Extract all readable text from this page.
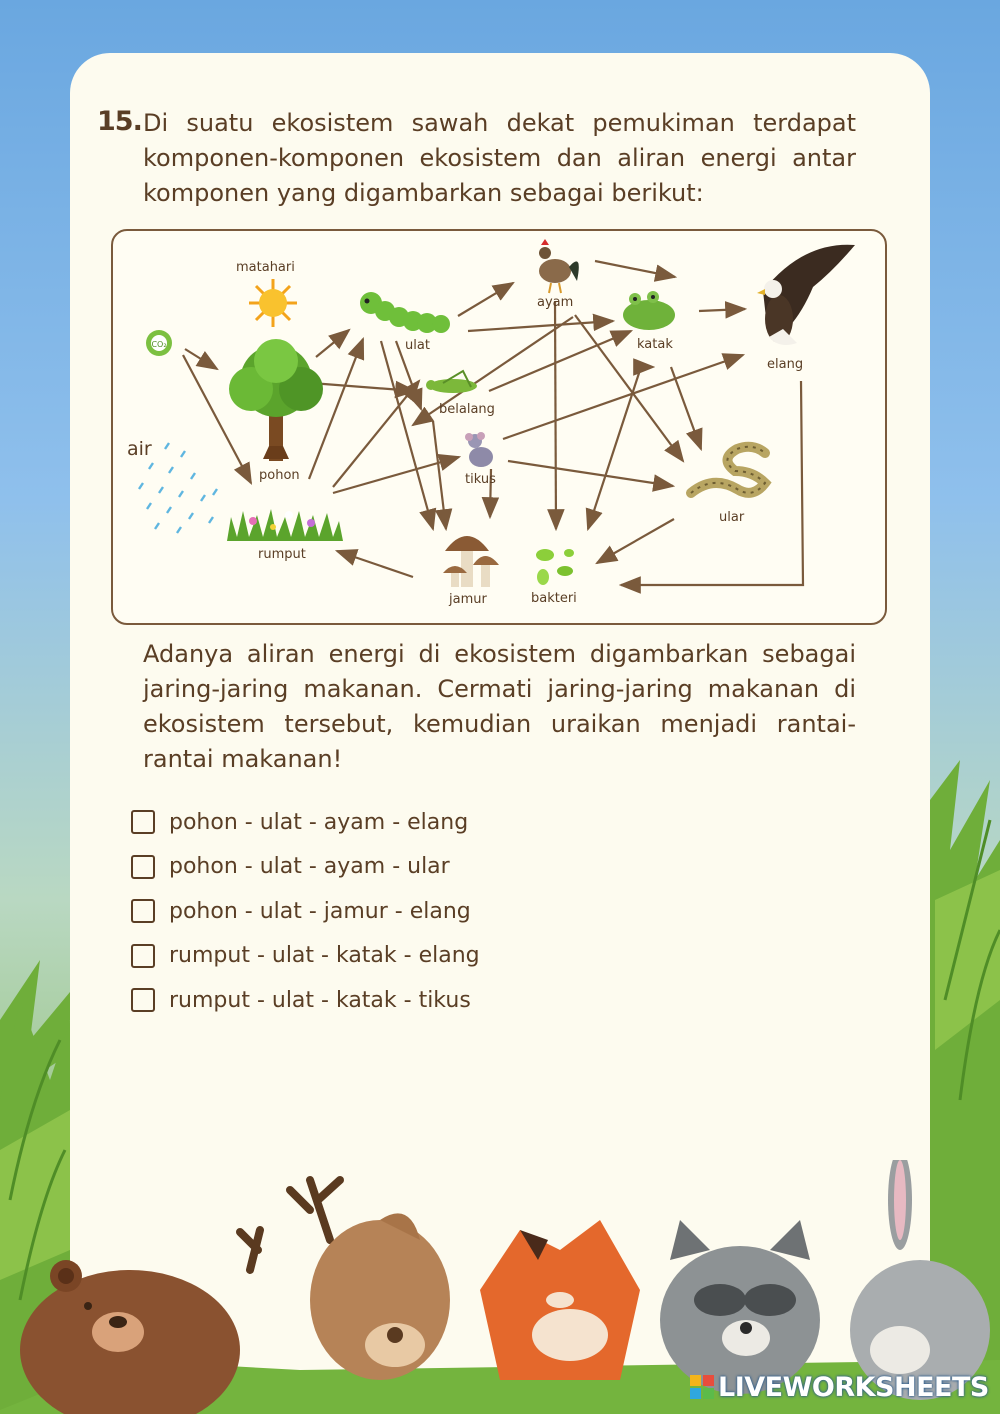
15. Di suatu ekosistem sawah dekat pemukiman terdapat komponen-komponen ekosistem dan aliran energi antar komponen yang digambarkan sebagai berikut:

matahari
CO₂
pohon
air
rumput
ulat
belalang
tikus
ayam
katak
elang
ular
jamur	bakteri

Adanya aliran energi di ekosistem digambarkan sebagai jaring-jaring makanan. Cermati jaring-jaring makanan di ekosistem tersebut, kemudian uraikan menjadi rantai-rantai makanan!

pohon - ulat - ayam - elang
pohon - ulat - ayam - ular
pohon - ulat - jamur - elang
rumput - ulat - katak - elang
rumput - ulat - katak - tikus
LIVEWORKSHEETS
